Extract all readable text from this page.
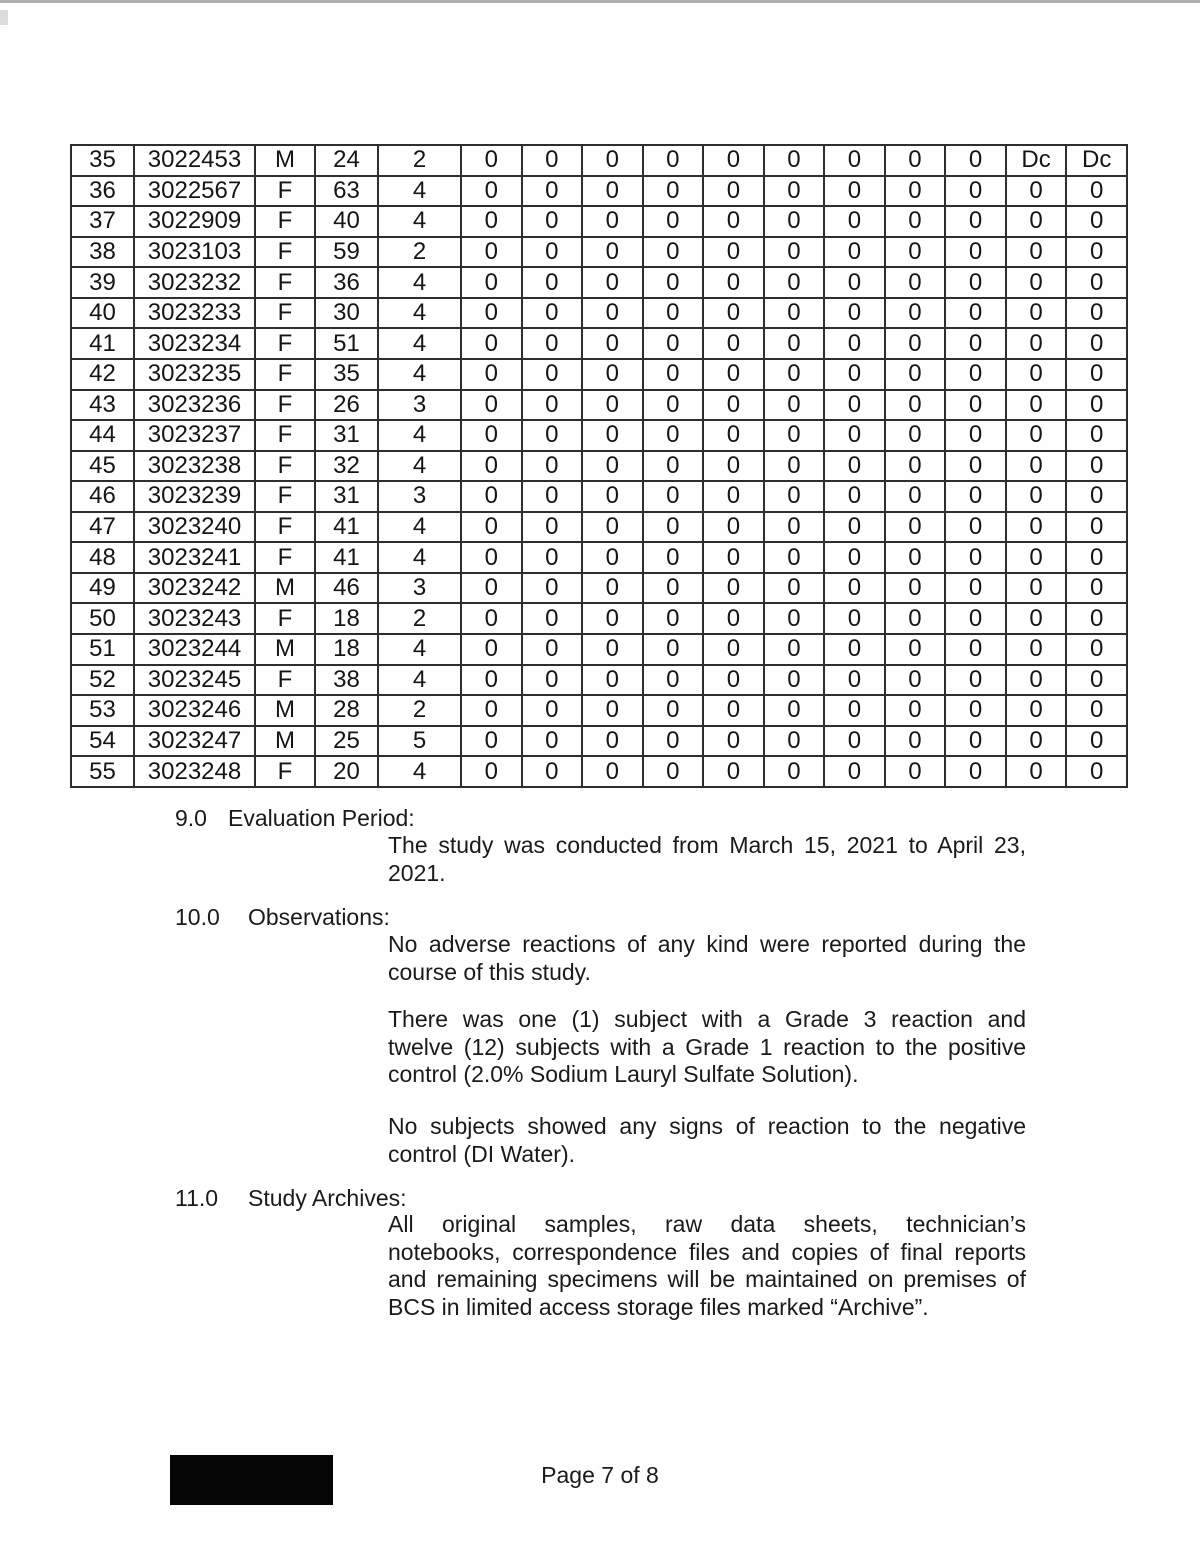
35	3022453	M	24	2	0	0	0	0	0	0	0	0	0	Dc	Dc
36	3022567	F	63	4	0	0	0	0	0	0	0	0	0	0	0
37	3022909	F	40	4	0	0	0	0	0	0	0	0	0	0	0
38	3023103	F	59	2	0	0	0	0	0	0	0	0	0	0	0
39	3023232	F	36	4	0	0	0	0	0	0	0	0	0	0	0
40	3023233	F	30	4	0	0	0	0	0	0	0	0	0	0	0
41	3023234	F	51	4	0	0	0	0	0	0	0	0	0	0	0
42	3023235	F	35	4	0	0	0	0	0	0	0	0	0	0	0
43	3023236	F	26	3	0	0	0	0	0	0	0	0	0	0	0
44	3023237	F	31	4	0	0	0	0	0	0	0	0	0	0	0
45	3023238	F	32	4	0	0	0	0	0	0	0	0	0	0	0
46	3023239	F	31	3	0	0	0	0	0	0	0	0	0	0	0
47	3023240	F	41	4	0	0	0	0	0	0	0	0	0	0	0
48	3023241	F	41	4	0	0	0	0	0	0	0	0	0	0	0
49	3023242	M	46	3	0	0	0	0	0	0	0	0	0	0	0
50	3023243	F	18	2	0	0	0	0	0	0	0	0	0	0	0
51	3023244	M	18	4	0	0	0	0	0	0	0	0	0	0	0
52	3023245	F	38	4	0	0	0	0	0	0	0	0	0	0	0
53	3023246	M	28	2	0	0	0	0	0	0	0	0	0	0	0
54	3023247	M	25	5	0	0	0	0	0	0	0	0	0	0	0
55	3023248	F	20	4	0	0	0	0	0	0	0	0	0	0	0
9.0 Evaluation Period:
The study was conducted from March 15, 2021 to April 23,
2021.
10.0 Observations:
No adverse reactions of any kind were reported during the
course of this study.
There was one (1) subject with a Grade 3 reaction and
twelve (12) subjects with a Grade 1 reaction to the positive
control (2.0% Sodium Lauryl Sulfate Solution).
No subjects showed any signs of reaction to the negative
control (DI Water).
11.0 Study Archives:
All original samples, raw data sheets, technician’s
notebooks, correspondence files and copies of final reports
and remaining specimens will be maintained on premises of
BCS in limited access storage files marked “Archive”.
Page 7 of 8
